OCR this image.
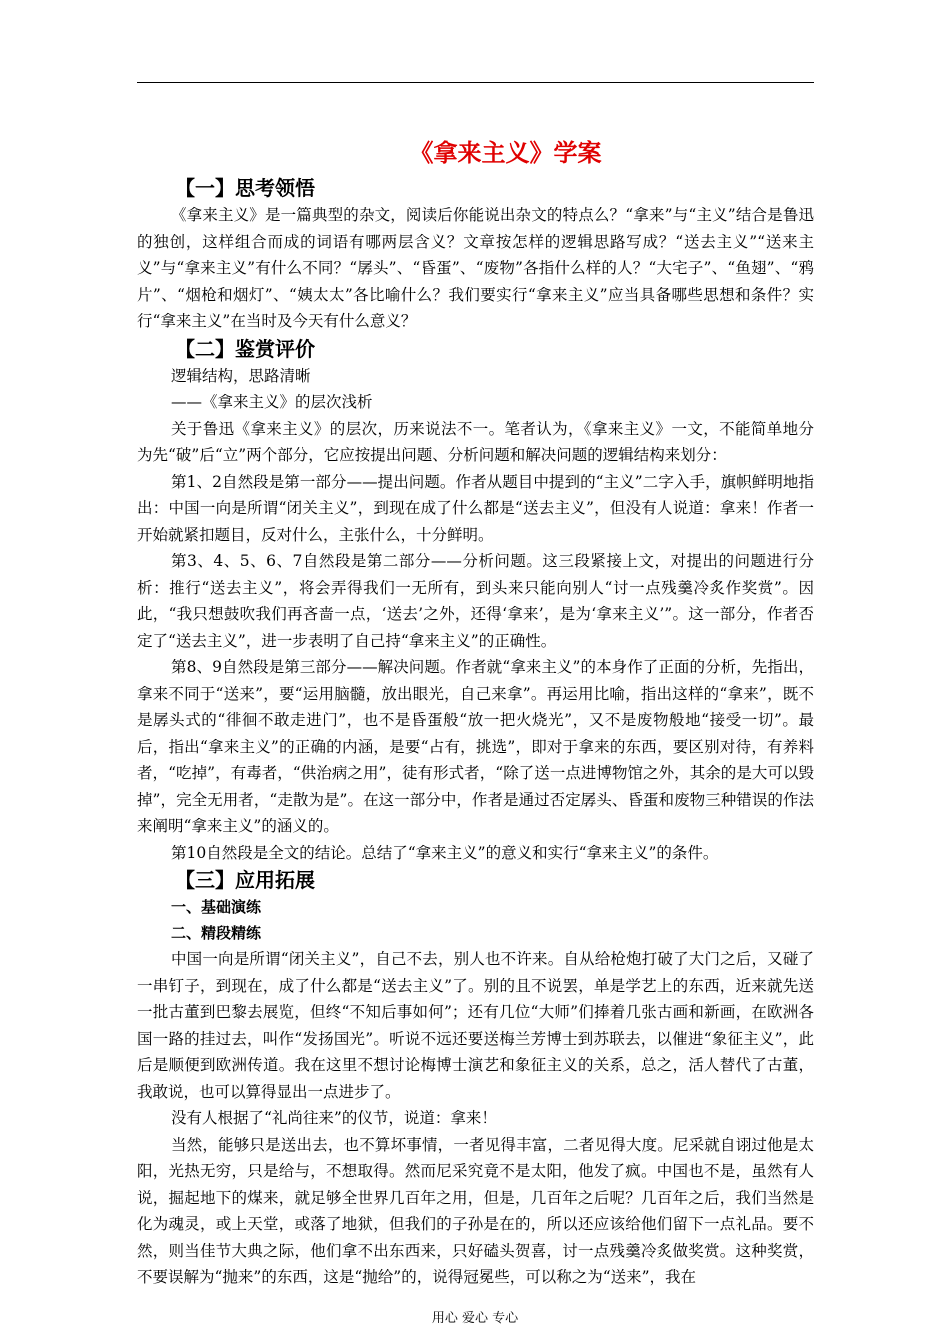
《拿来主义》学案
【一】思考领悟

《拿来主义》是一篇典型的杂文，阅读后你能说出杂文的特点么？“拿来”与“主义”结合是鲁迅的独创，这样组合而成的词语有哪两层含义？文章按怎样的逻辑思路写成？“送去主义”“送来主义”与“拿来主义”有什么不同？“孱头”、“昏蛋”、“废物”各指什么样的人？“大宅子”、“鱼翅”、“鸦片”、“烟枪和烟灯”、“姨太太”各比喻什么？我们要实行“拿来主义”应当具备哪些思想和条件？实行“拿来主义”在当时及今天有什么意义？

【二】鉴赏评价

逻辑结构，思路清晰

——《拿来主义》的层次浅析

关于鲁迅《拿来主义》的层次，历来说法不一。笔者认为，《拿来主义》一文，不能简单地分为先“破”后“立”两个部分，它应按提出问题、分析问题和解决问题的逻辑结构来划分：

第1、2自然段是第一部分——提出问题。作者从题目中提到的“主义”二字入手，旗帜鲜明地指出：中国一向是所谓“闭关主义”，到现在成了什么都是“送去主义”，但没有人说道：拿来！作者一开始就紧扣题目，反对什么，主张什么，十分鲜明。

第3、4、5、6、7自然段是第二部分——分析问题。这三段紧接上文，对提出的问题进行分析：推行“送去主义”，将会弄得我们一无所有，到头来只能向别人“讨一点残羹冷炙作奖赏”。因此，“我只想鼓吹我们再吝啬一点，‘送去’之外，还得‘拿来’，是为‘拿来主义’”。这一部分，作者否定了“送去主义”，进一步表明了自己持“拿来主义”的正确性。

第8、9自然段是第三部分——解决问题。作者就“拿来主义”的本身作了正面的分析，先指出，拿来不同于“送来”，要“运用脑髓，放出眼光，自己来拿”。再运用比喻，指出这样的“拿来”，既不是孱头式的“徘徊不敢走进门”，也不是昏蛋般“放一把火烧光”，又不是废物般地“接受一切”。最后，指出“拿来主义”的正确的内涵，是要“占有，挑选”，即对于拿来的东西，要区别对待，有养料者，“吃掉”，有毒者，“供治病之用”，徒有形式者，“除了送一点进博物馆之外，其余的是大可以毁掉”，完全无用者，“走散为是”。在这一部分中，作者是通过否定孱头、昏蛋和废物三种错误的作法来阐明“拿来主义”的涵义的。

第10自然段是全文的结论。总结了“拿来主义”的意义和实行“拿来主义”的条件。

【三】应用拓展
一、基础演练
二、精段精练

中国一向是所谓“闭关主义”，自己不去，别人也不许来。自从给枪炮打破了大门之后，又碰了一串钉子，到现在，成了什么都是“送去主义”了。别的且不说罢，单是学艺上的东西，近来就先送一批古董到巴黎去展览，但终“不知后事如何”；还有几位“大师”们捧着几张古画和新画，在欧洲各国一路的挂过去，叫作“发扬国光”。听说不远还要送梅兰芳博士到苏联去，以催进“象征主义”，此后是顺便到欧洲传道。我在这里不想讨论梅博士演艺和象征主义的关系，总之，活人替代了古董，我敢说，也可以算得显出一点进步了。

没有人根据了“礼尚往来”的仪节，说道：拿来！

当然，能够只是送出去，也不算坏事情，一者见得丰富，二者见得大度。尼采就自诩过他是太阳，光热无穷，只是给与，不想取得。然而尼采究竟不是太阳，他发了疯。中国也不是，虽然有人说，掘起地下的煤来，就足够全世界几百年之用，但是，几百年之后呢？几百年之后，我们当然是化为魂灵，或上天堂，或落了地狱，但我们的子孙是在的，所以还应该给他们留下一点礼品。要不然，则当佳节大典之际，他们拿不出东西来，只好磕头贺喜，讨一点残羹冷炙做奖赏。这种奖赏，不要误解为“抛来”的东西，这是“抛给”的，说得冠冕些，可以称之为“送来”，我在

用心 爱心 专心
